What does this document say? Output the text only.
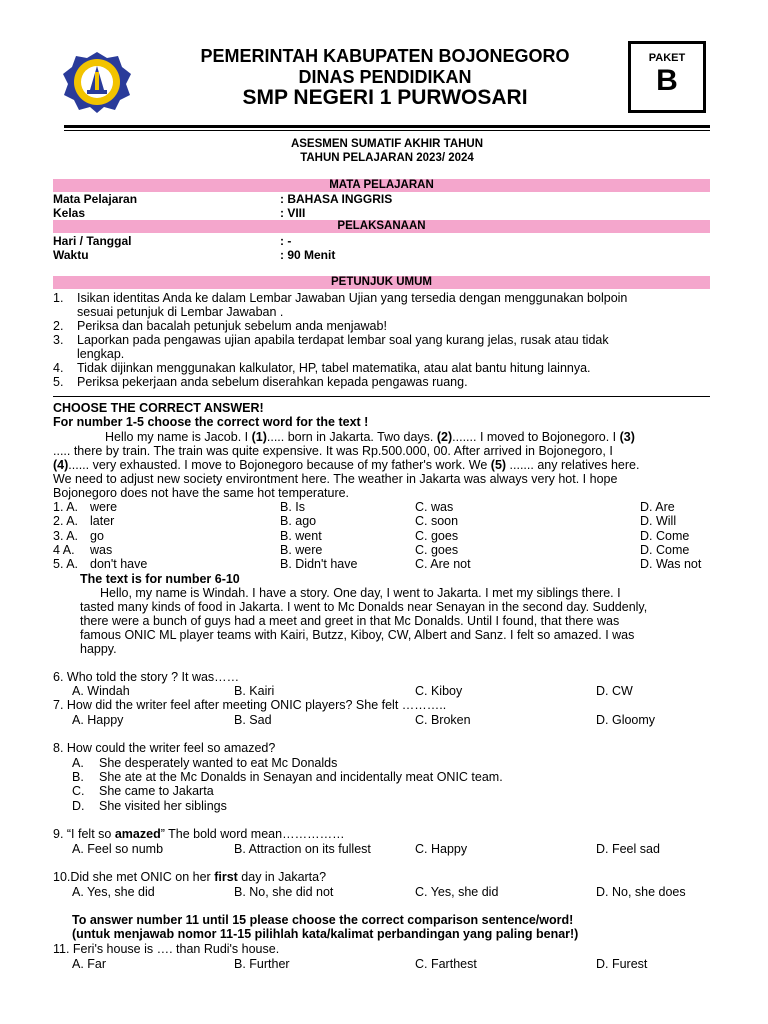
PEMERINTAH KABUPATEN BOJONEGORO
DINAS PENDIDIKAN
SMP NEGERI 1 PURWOSARI
PAKET
B
ASESMEN SUMATIF AKHIR TAHUN
TAHUN PELAJARAN 2023/ 2024
MATA PELAJARAN
Mata Pelajaran	: BAHASA INGGRIS
Kelas	: VIII
PELAKSANAAN
Hari / Tanggal	: -
Waktu	: 90 Menit
PETUNJUK UMUM
1. Isikan identitas Anda ke dalam Lembar Jawaban Ujian yang tersedia dengan menggunakan bolpoin
sesuai petunjuk di Lembar Jawaban .
2. Periksa dan bacalah petunjuk sebelum anda menjawab!
3. Laporkan pada pengawas ujian apabila terdapat lembar soal yang kurang jelas, rusak atau tidak
lengkap.
4. Tidak dijinkan menggunakan kalkulator, HP, tabel matematika, atau alat bantu hitung lainnya.
5. Periksa pekerjaan anda sebelum diserahkan kepada pengawas ruang.
CHOOSE THE CORRECT ANSWER!
For number 1-5 choose the correct word for the text !
Hello my name is Jacob. I (1)..... born in Jakarta. Two days. (2)....... I moved to Bojonegoro. I (3)
..... there by train. The train was quite expensive. It was Rp.500.000, 00. After arrived in Bojonegoro, I
(4)...... very exhausted. I move to Bojonegoro because of my father's work. We (5) ....... any relatives here.
We need to adjust new society environtment here. The weather in Jakarta was always very hot. I hope
Bojonegoro does not have the same hot temperature.
1. A. were	B. Is	C. was	D. Are
2. A. later	B. ago	C. soon	D. Will
3. A. go	B. went	C. goes	D. Come
4 A. was	B. were	C. goes	D. Come
5. A. don't have	B. Didn't have	C. Are not	D. Was not
The text is for number 6-10
Hello, my name is Windah. I have a story. One day, I went to Jakarta. I met my siblings there. I
tasted many kinds of food in Jakarta. I went to Mc Donalds near Senayan in the second day. Suddenly,
there were a bunch of guys had a meet and greet in that Mc Donalds. Until I found, that there was
famous ONIC ML player teams with Kairi, Butzz, Kiboy, CW, Albert and Sanz. I felt so amazed. I was
happy.
6. Who told the story ? It was……
A. Windah	B. Kairi	C. Kiboy	D. CW
7. How did the writer feel after meeting ONIC players? She felt ………..
A. Happy	B. Sad	C. Broken	D. Gloomy
8. How could the writer feel so amazed?
A. She desperately wanted to eat Mc Donalds
B. She ate at the Mc Donalds in Senayan and incidentally meat ONIC team.
C. She came to Jakarta
D. She visited her siblings
9. “I felt so amazed” The bold word mean……………
A. Feel so numb	B. Attraction on its fullest	C. Happy	D. Feel sad
10.Did she met ONIC on her first day in Jakarta?
A. Yes, she did	B. No, she did not	C. Yes, she did	D. No, she does
To answer number 11 until 15 please choose the correct comparison sentence/word!
(untuk menjawab nomor 11-15 pilihlah kata/kalimat perbandingan yang paling benar!)
11. Feri's house is …. than Rudi's house.
A. Far	B. Further	C. Farthest	D. Furest
